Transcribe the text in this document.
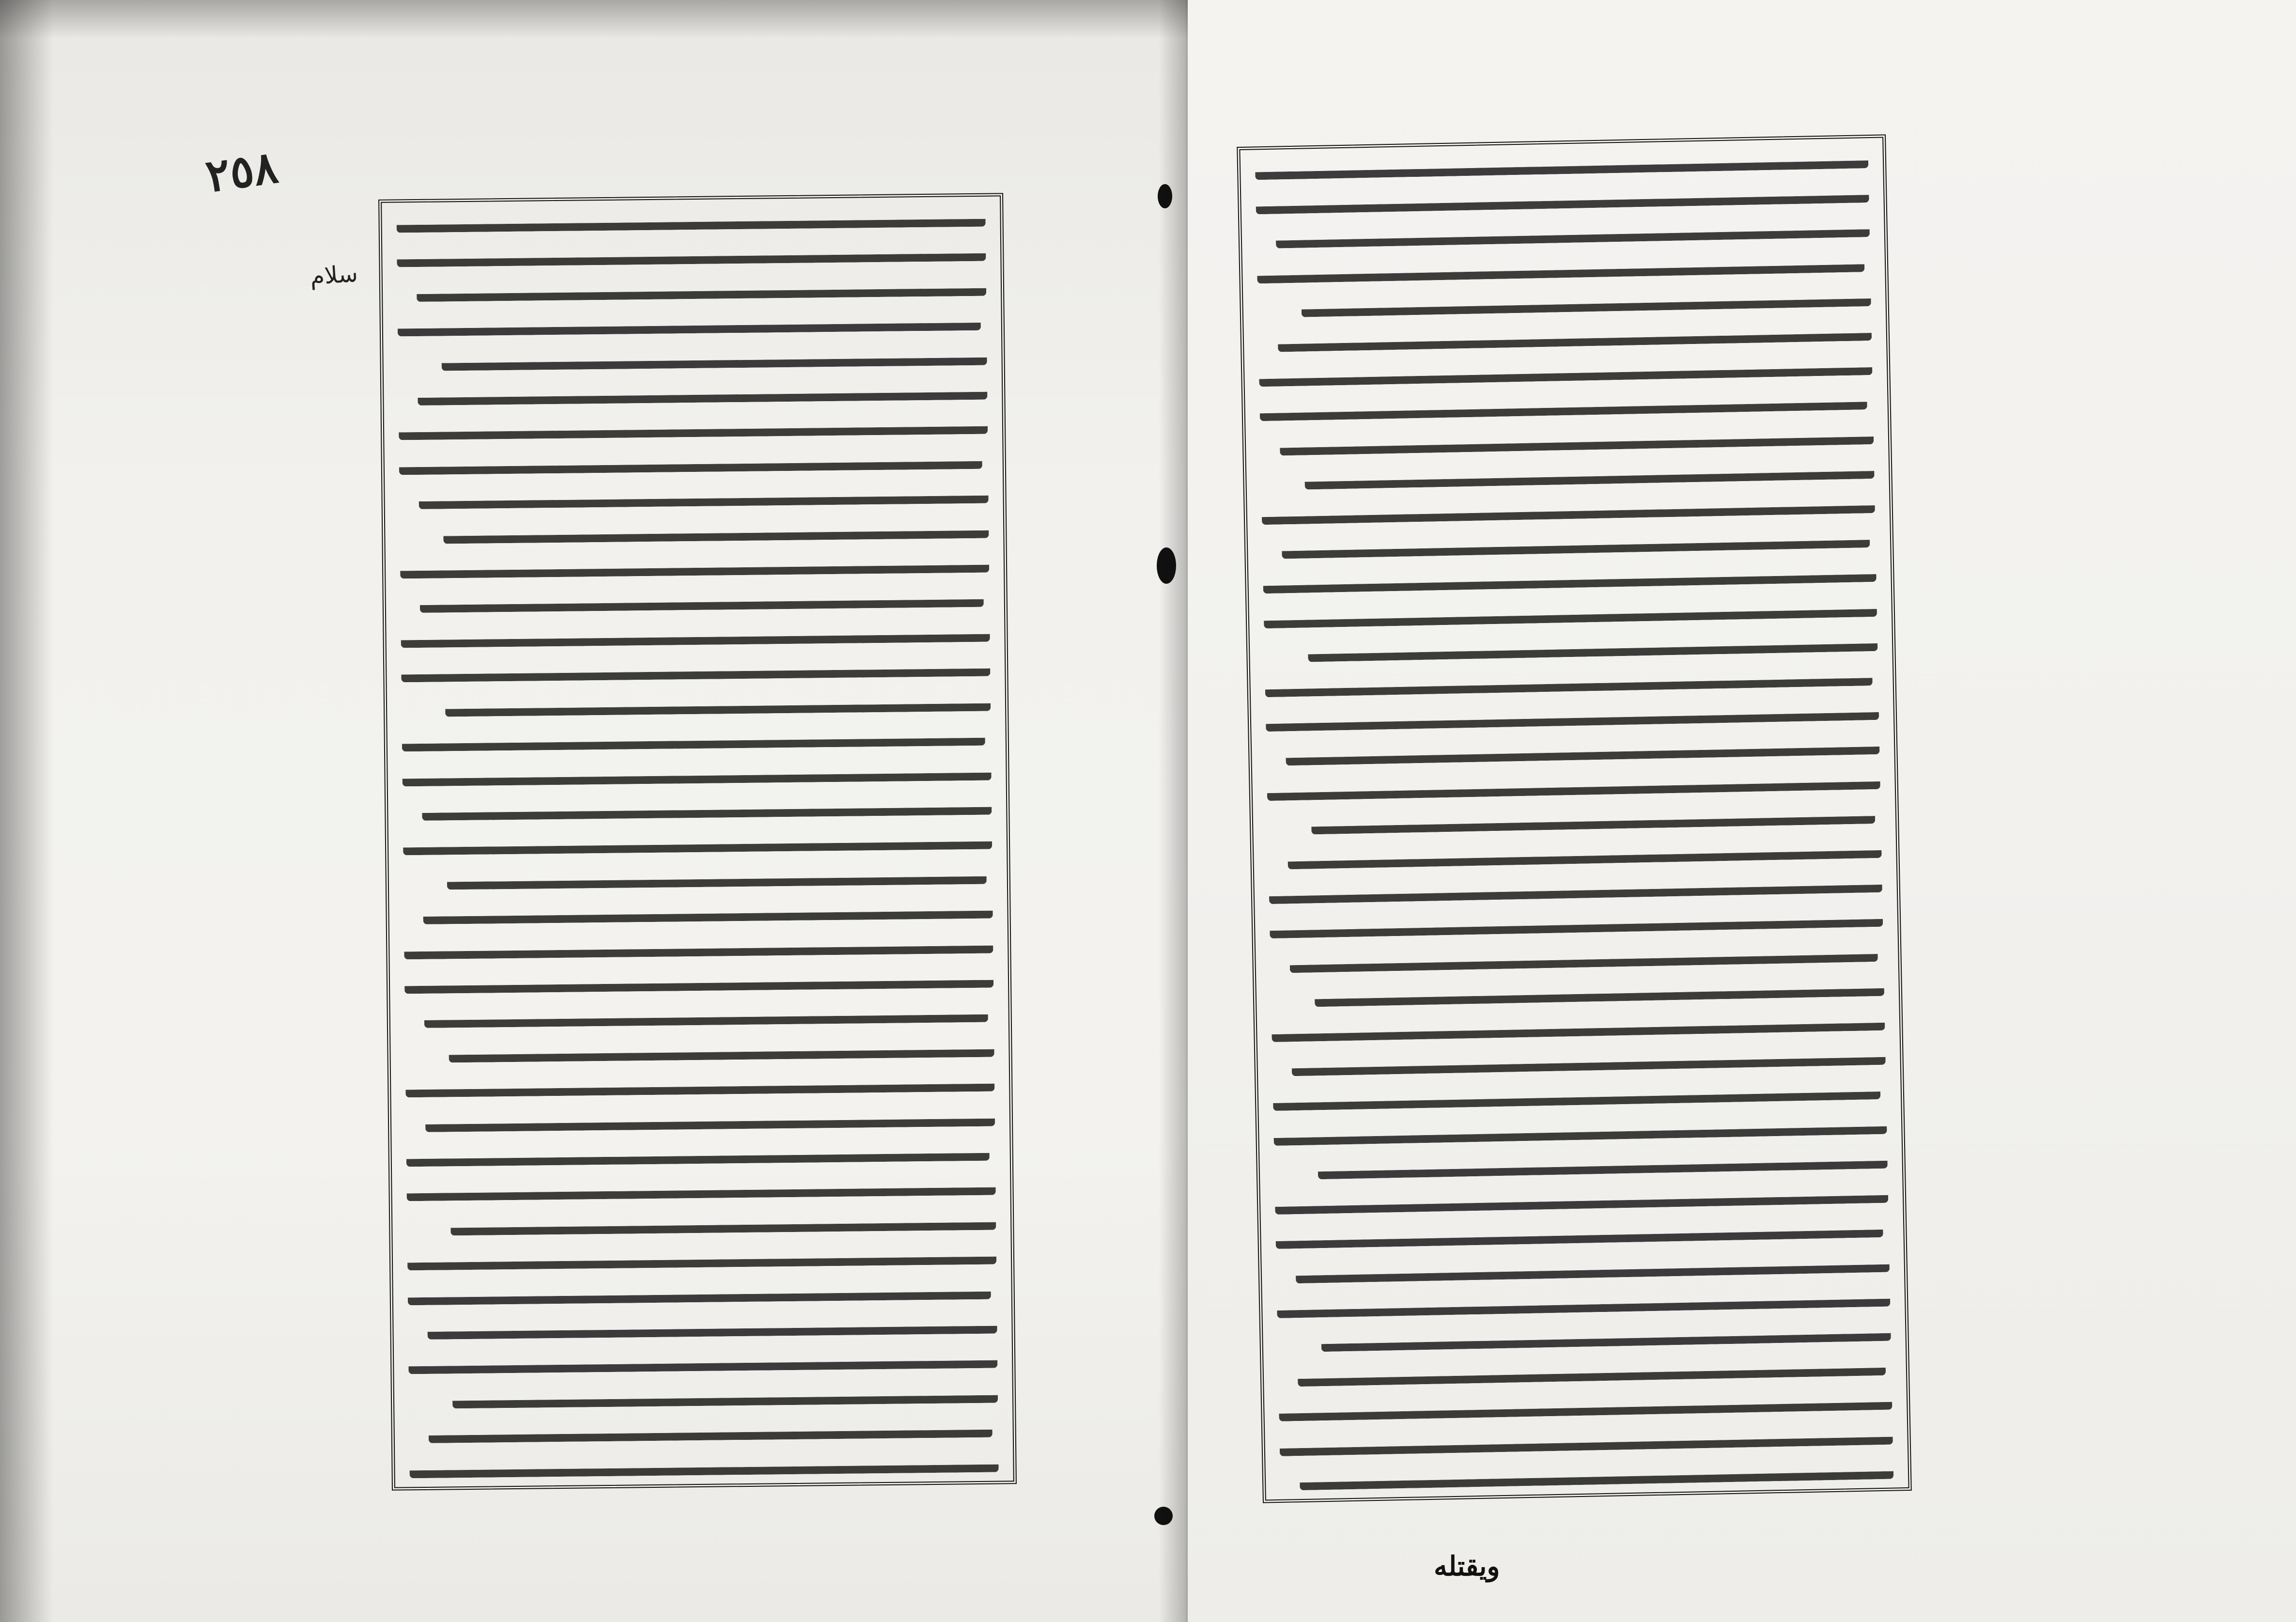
٢٥٨
سلام
ويقتله
